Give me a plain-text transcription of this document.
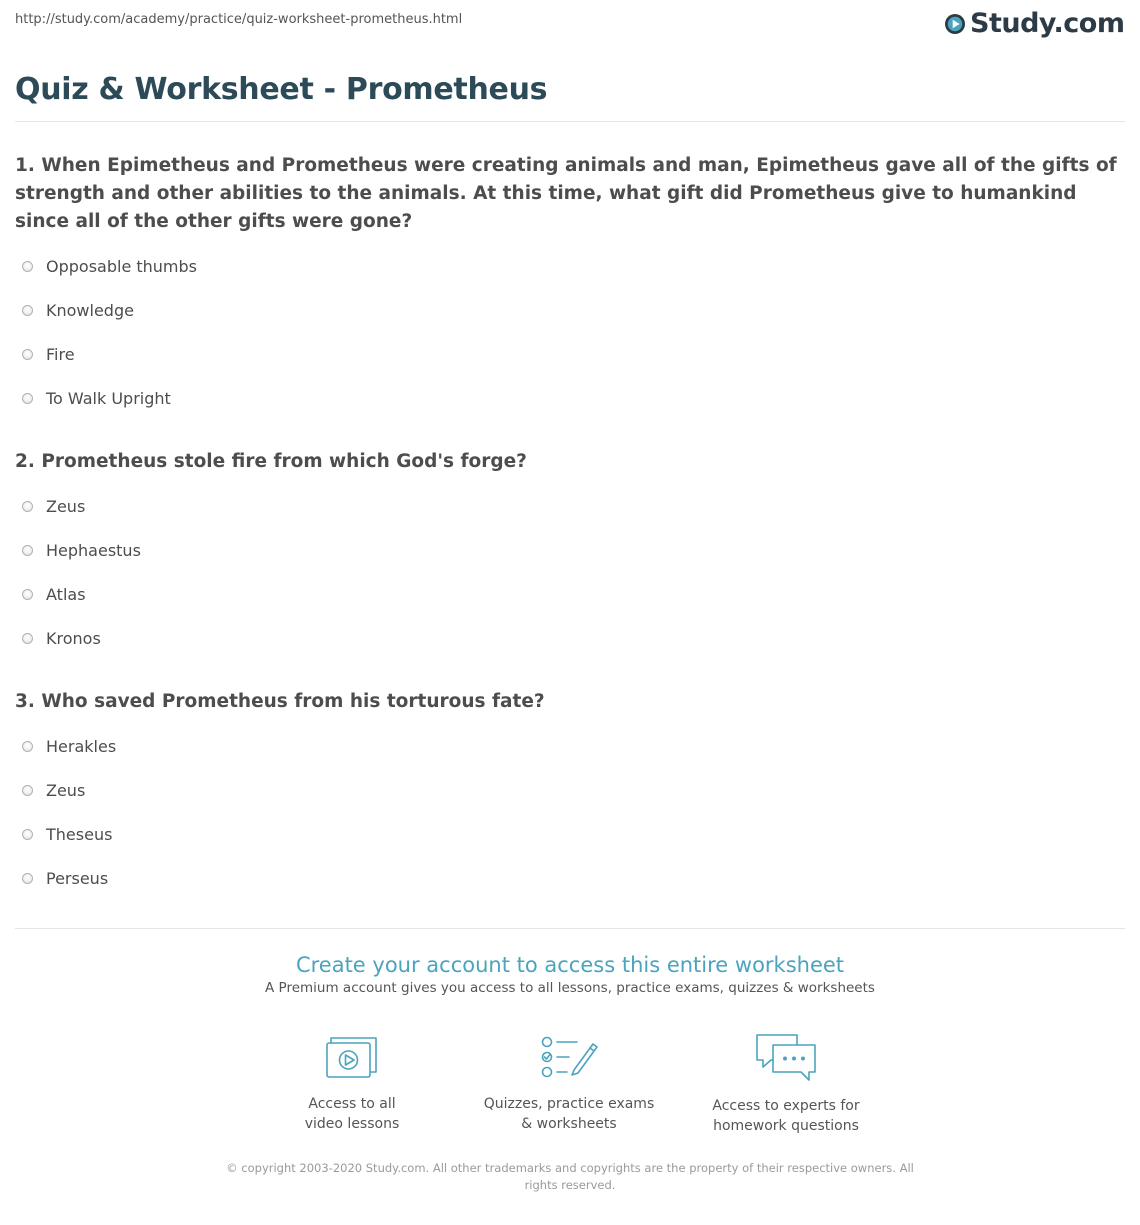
http://study.com/academy/practice/quiz-worksheet-prometheus.html	Study.com
Quiz & Worksheet - Prometheus
1. When Epimetheus and Prometheus were creating animals and man, Epimetheus gave all of the gifts of strength and other abilities to the animals. At this time, what gift did Prometheus give to humankind since all of the other gifts were gone?
Opposable thumbs
Knowledge
Fire
To Walk Upright
2. Prometheus stole fire from which God's forge?
Zeus
Hephaestus
Atlas
Kronos
3. Who saved Prometheus from his torturous fate?
Herakles
Zeus
Theseus
Perseus
Create your account to access this entire worksheet
A Premium account gives you access to all lessons, practice exams, quizzes & worksheets
Access to all
video lessons
Quizzes, practice exams
& worksheets
Access to experts for
homework questions
© copyright 2003-2020 Study.com. All other trademarks and copyrights are the property of their respective owners. All rights reserved.
